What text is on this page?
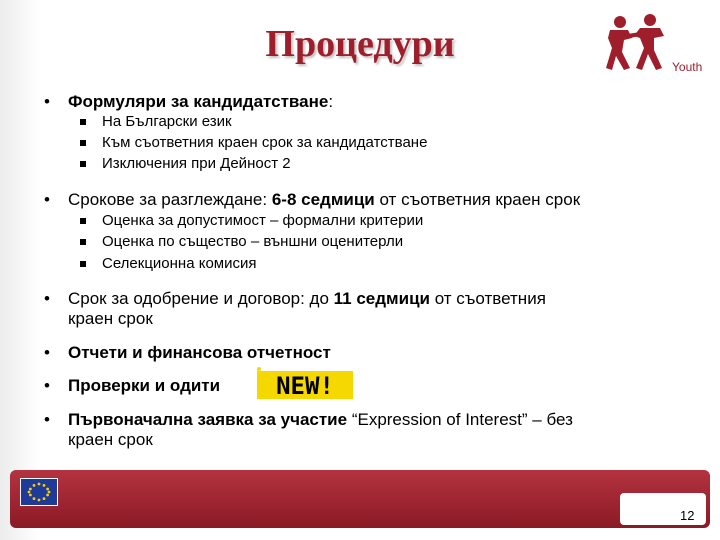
Процедури
Youth
• Формуляри за кандидатстване:
На Български език
Към съответния краен срок за кандидатстване
Изключения при Дейност 2
• Срокове за разглеждане: 6-8 седмици от съответния краен срок
Оценка за допустимост – формални критерии
Оценка по същество – външни оценитерли
Селекционна комисия
• Срок за одобрение и договор: до 11 седмици от съответния
краен срок
• Отчети и финансова отчетност
• Проверки и одити
• Първоначална заявка за участие “Expression of Interest” – без
краен срок
NEW!
12
